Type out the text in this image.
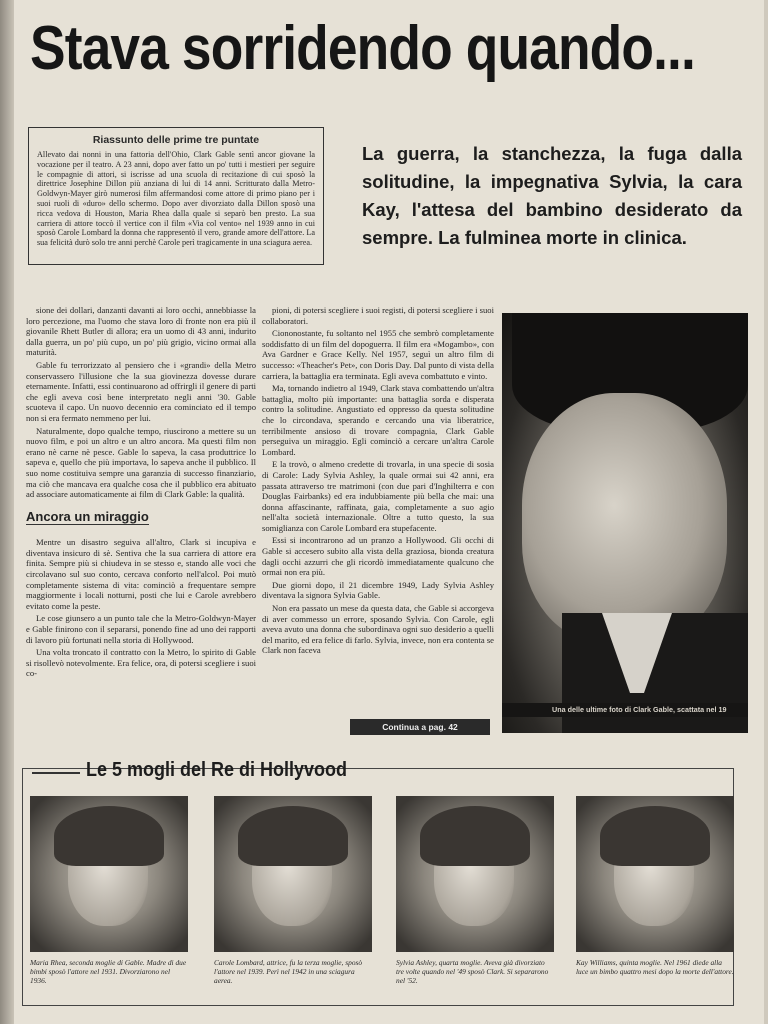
Stava sorridendo quando...
Riassunto delle prime tre puntate

Allevato dai nonni in una fattoria dell'Ohio, Clark Gable sentì ancor giovane la vocazione per il teatro. A 23 anni, dopo aver fatto un po' tutti i mestieri per seguire le compagnie di attori, si iscrisse ad una scuola di recitazione di cui sposò la direttrice Josephine Dillon più anziana di lui di 14 anni. Scritturato dalla Metro-Goldwyn-Mayer girò numerosi film affermandosi come attore di primo piano per i suoi ruoli di «duro» dello schermo. Dopo aver divorziato dalla Dillon sposò una ricca vedova di Houston, Maria Rhea dalla quale si separò ben presto. La sua carriera di attore toccò il vertice con il film «Via col vento» nel 1939 anno in cui sposò Carole Lombard la donna che rappresentò il vero, grande amore dell'attore. La sua felicità durò solo tre anni perchè Carole perì tragicamente in una sciagura aerea.

La guerra, la stanchezza, la fuga dalla solitudine, la impegnativa Sylvia, la cara Kay, l'attesa del bambino desiderato da sempre. La fulminea morte in clinica.

sione dei dollari, danzanti davanti ai loro occhi, annebbiasse la loro percezione, ma l'uomo che stava loro di fronte non era più il giovanile Rhett Butler di allora; era un uomo di 43 anni, indurito dalla guerra, un po' più cupo, un po' più grigio, vicino ormai alla maturità.

Gable fu terrorizzato al pensiero che i «grandi» della Metro conservassero l'illusione che la sua giovinezza dovesse durare eternamente. Infatti, essi continuarono ad offrirgli il genere di parti che egli aveva così bene interpretato negli anni '30. Gable scuoteva il capo. Un nuovo decennio era cominciato ed il tempo non si era fermato nemmeno per lui.

Naturalmente, dopo qualche tempo, riuscirono a mettere su un nuovo film, e poi un altro e un altro ancora. Ma questi film non erano nè carne nè pesce. Gable lo sapeva, la casa produttrice lo sapeva e, quello che più importava, lo sapeva anche il pubblico. Il suo nome costituiva sempre una garanzia di successo finanziario, ma ciò che mancava era qualche cosa che il pubblico era abituato ad associare automaticamente ai film di Clark Gable: la qualità.

Ancora un miraggio

Mentre un disastro seguiva all'altro, Clark si incupiva e diventava insicuro di sè. Sentiva che la sua carriera di attore era finita. Sempre più si chiudeva in se stesso e, stando alle voci che circolavano sul suo conto, cercava conforto nell'alcol. Poi mutò completamente sistema di vita: cominciò a frequentare sempre maggiormente i locali notturni, posti che lui e Carole avrebbero evitato come la peste.

Le cose giunsero a un punto tale che la Metro-Goldwyn-Mayer e Gable finirono con il separarsi, ponendo fine ad uno dei rapporti di lavoro più fortunati nella storia di Hollywood.

Una volta troncato il contratto con la Metro, lo spirito di Gable si risollevò notevolmente. Era felice, ora, di potersi scegliere i suoi co-

pioni, di potersi scegliere i suoi registi, di potersi scegliere i suoi collaboratori.

Ciononostante, fu soltanto nel 1955 che sembrò completamente soddisfatto di un film del dopoguerra. Il film era «Mogambo», con Ava Gardner e Grace Kelly. Nel 1957, seguì un altro film di successo: «Theacher's Pet», con Doris Day. Dal punto di vista della carriera, la battaglia era terminata. Egli aveva combattuto e vinto.

Ma, tornando indietro al 1949, Clark stava combattendo un'altra battaglia, molto più importante: una battaglia sorda e disperata contro la solitudine. Angustiato ed oppresso da questa solitudine che lo circondava, sperando e cercando una via liberatrice, terribilmente ansioso di trovare compagnia, Clark Gable perseguiva un miraggio. Egli cominciò a cercare un'altra Carole Lombard.

E la trovò, o almeno credette di trovarla, in una specie di sosia di Carole: Lady Sylvia Ashley, la quale ormai sui 42 anni, era passata attraverso tre matrimoni (con due pari d'Inghilterra e con Douglas Fairbanks) ed era indubbiamente più bella che mai: una donna affascinante, raffinata, gaia, completamente a suo agio nell'alta società internazionale. Oltre a tutto questo, la sua somiglianza con Carole Lombard era stupefacente.

Essi si incontrarono ad un pranzo a Hollywood. Gli occhi di Gable si accesero subito alla vista della graziosa, bionda creatura dagli occhi azzurri che gli ricordò immediatamente qualcuno che ormai non era più.

Due giorni dopo, il 21 dicembre 1949, Lady Sylvia Ashley diventava la signora Sylvia Gable.

Non era passato un mese da questa data, che Gable si accorgeva di aver commesso un errore, sposando Sylvia. Con Carole, egli aveva avuto una donna che subordinava ogni suo desiderio a quelli del marito, ed era felice di farlo. Sylvia, invece, non era contenta se Clark non faceva

Continua a pag. 42
Una delle ultime foto di Clark Gable, scattata nel 19
Le 5 mogli del Re di Hollyvood
Maria Rhea, seconda moglie di Gable. Madre di due bimbi sposò l'attore nel 1931. Divorziarono nel 1936.
Carole Lombard, attrice, fu la terza moglie, sposò l'attore nel 1939. Perì nel 1942 in una sciagura aerea.
Sylvia Ashley, quarta moglie. Aveva già divorziato tre volte quando nel '49 sposò Clark. Si separarono nel '52.
Kay Williams, quinta moglie. Nel 1961 diede alla luce un bimbo quattro mesi dopo la morte dell'attore.
